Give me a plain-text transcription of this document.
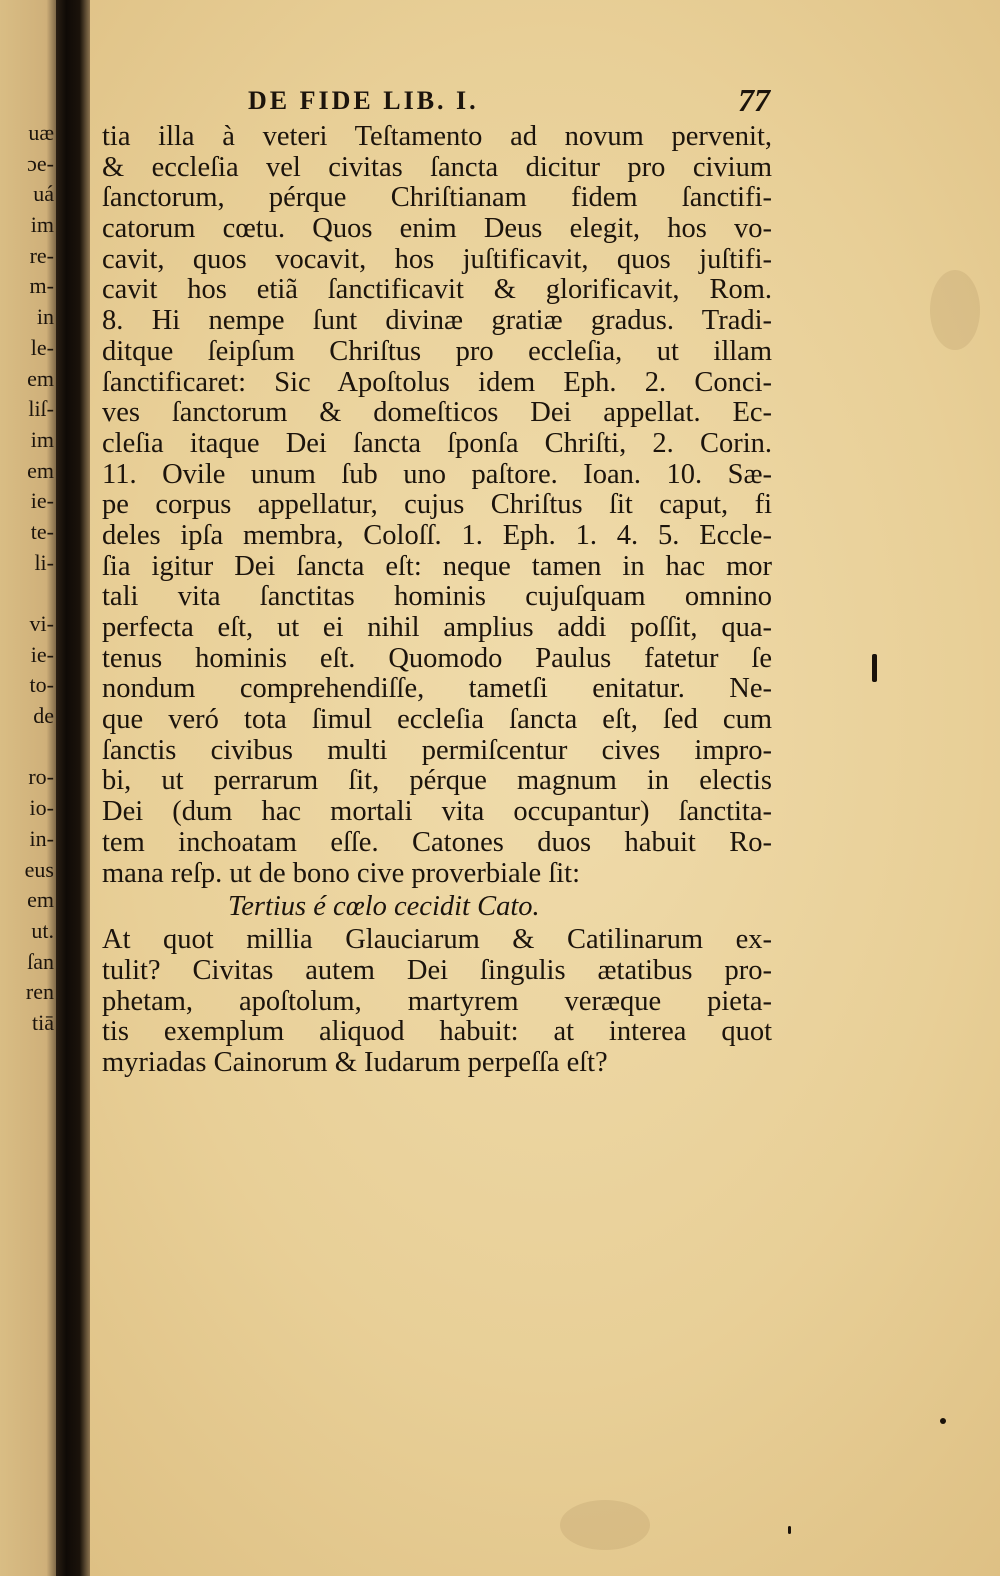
uæ
ɔe-
uá
im
re-
m-
in
le-
em
liſ-
im
em
ie-
te-
li-
vi-
ie-
to-
de
ro-
io-
in-
eus
em
ut.
ſan
ren
tiā
DE FIDE LIB. I.	77
tia illa à veteri Teſtamento ad novum pervenit,
& eccleſia vel civitas ſancta dicitur pro civium
ſanctorum, pérque Chriſtianam fidem ſanctifi-
catorum cœtu. Quos enim Deus elegit, hos vo-
cavit, quos vocavit, hos juſtificavit, quos juſtifi-
cavit hos etiã ſanctificavit & glorificavit, Rom.
8. Hi nempe ſunt divinæ gratiæ gradus. Tradi-
ditque ſeipſum Chriſtus pro eccleſia, ut illam
ſanctificaret: Sic Apoſtolus idem Eph. 2. Conci-
ves ſanctorum & domeſticos Dei appellat. Ec-
cleſia itaque Dei ſancta ſponſa Chriſti, 2. Corin.
11. Ovile unum ſub uno paſtore. Ioan. 10. Sæ-
pe corpus appellatur, cujus Chriſtus ſit caput, fi
deles ipſa membra, Coloſſ. 1. Eph. 1. 4. 5. Eccle-
ſia igitur Dei ſancta eſt: neque tamen in hac mor
tali vita ſanctitas hominis cujuſquam omnino
perfecta eſt, ut ei nihil amplius addi poſſit, qua-
tenus hominis eſt. Quomodo Paulus fatetur ſe
nondum comprehendiſſe, tametſi enitatur. Ne-
que veró tota ſimul eccleſia ſancta eſt, ſed cum
ſanctis civibus multi permiſcentur cives impro-
bi, ut perrarum ſit, pérque magnum in electis
Dei (dum hac mortali vita occupantur) ſanctita-
tem inchoatam eſſe. Catones duos habuit Ro-
mana reſp. ut de bono cive proverbiale ſit:
Tertius é cœlo cecidit Cato.
At quot millia Glauciarum & Catilinarum ex-
tulit? Civitas autem Dei ſingulis ætatibus pro-
phetam, apoſtolum, martyrem veræque pieta-
tis exemplum aliquod habuit: at interea quot
myriadas Cainorum & Iudarum perpeſſa eſt?
